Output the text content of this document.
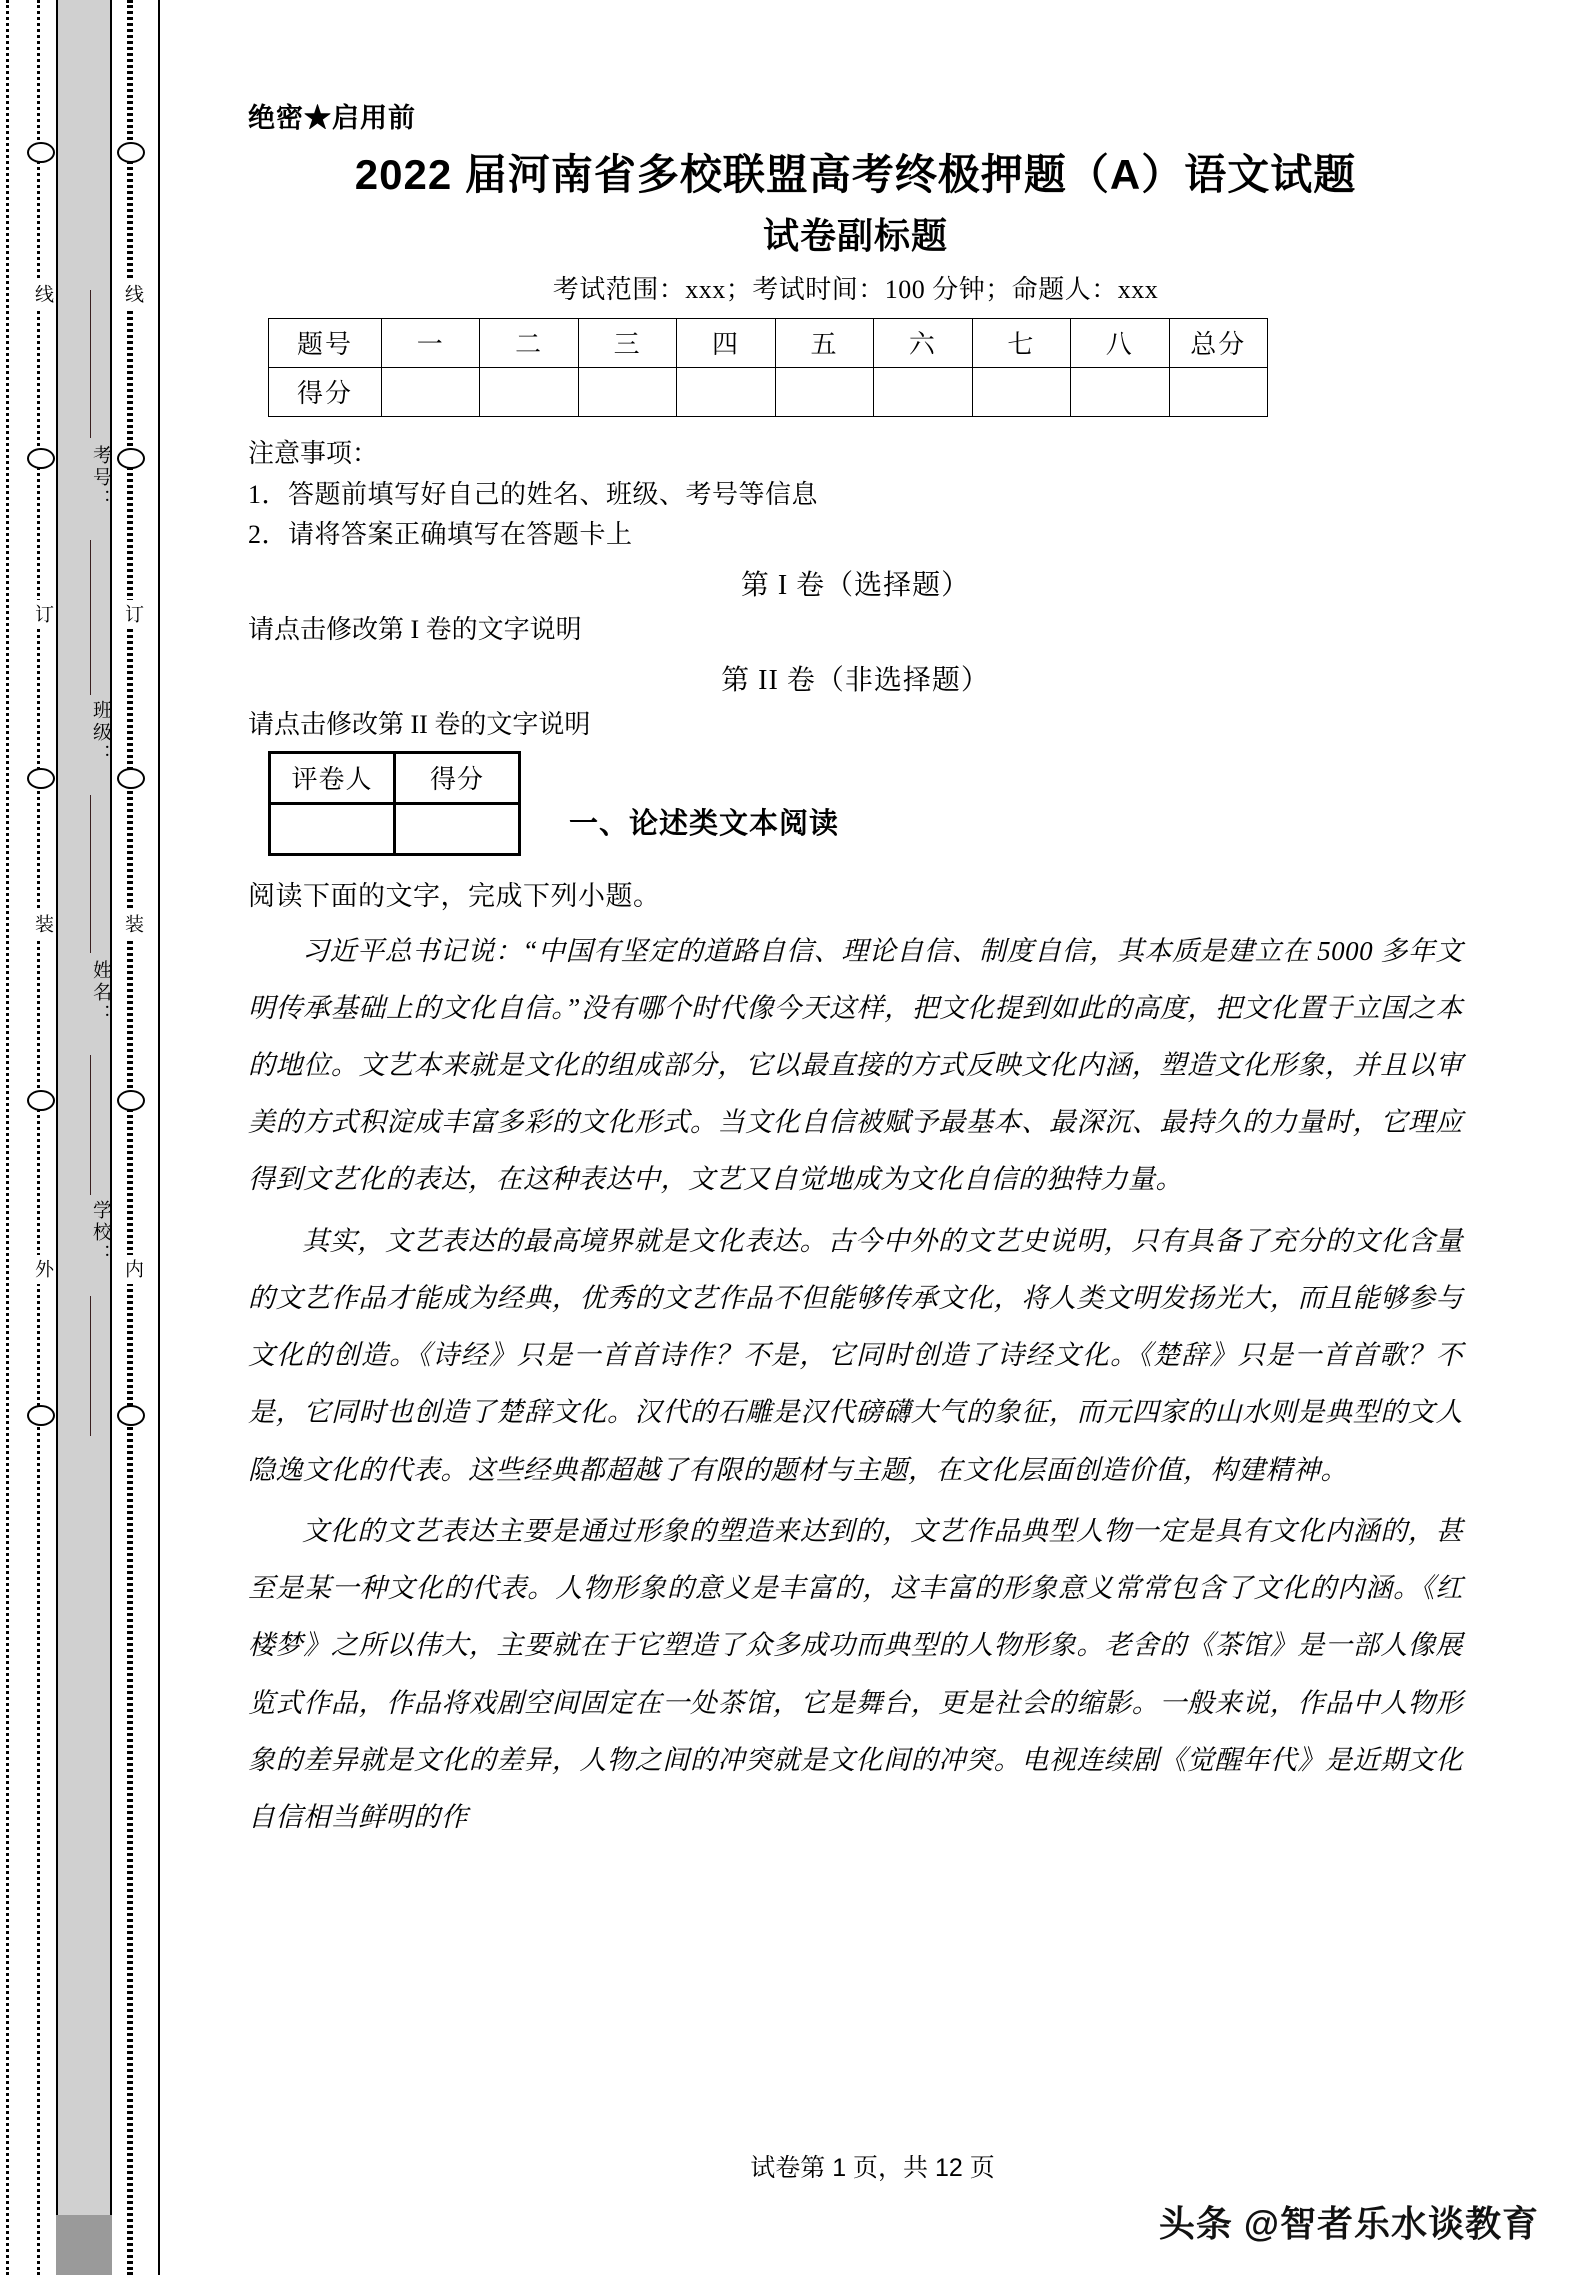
线
订
装
外
考号：
班级：
姓名：
学校：
线
订
装
内
绝密★启用前
2022 届河南省多校联盟高考终极押题（A）语文试题
试卷副标题
考试范围：xxx；考试时间：100 分钟；命题人：xxx
题号	一	二	三	四	五	六	七	八	总分
得分									
注意事项：
1．答题前填写好自己的姓名、班级、考号等信息
2．请将答案正确填写在答题卡上
第 I 卷（选择题）
请点击修改第 I 卷的文字说明
第 II 卷（非选择题）
请点击修改第 II 卷的文字说明
评卷人	得分

一、论述类文本阅读
阅读下面的文字，完成下列小题。

习近平总书记说：“中国有坚定的道路自信、理论自信、制度自信，其本质是建立在 5000 多年文明传承基础上的文化自信。”没有哪个时代像今天这样，把文化提到如此的高度，把文化置于立国之本的地位。文艺本来就是文化的组成部分，它以最直接的方式反映文化内涵，塑造文化形象，并且以审美的方式积淀成丰富多彩的文化形式。当文化自信被赋予最基本、最深沉、最持久的力量时，它理应得到文艺化的表达，在这种表达中，文艺又自觉地成为文化自信的独特力量。

其实，文艺表达的最高境界就是文化表达。古今中外的文艺史说明，只有具备了充分的文化含量的文艺作品才能成为经典，优秀的文艺作品不但能够传承文化，将人类文明发扬光大，而且能够参与文化的创造。《诗经》只是一首首诗作？不是，它同时创造了诗经文化。《楚辞》只是一首首歌？不是，它同时也创造了楚辞文化。汉代的石雕是汉代磅礴大气的象征，而元四家的山水则是典型的文人隐逸文化的代表。这些经典都超越了有限的题材与主题，在文化层面创造价值，构建精神。

文化的文艺表达主要是通过形象的塑造来达到的，文艺作品典型人物一定是具有文化内涵的，甚至是某一种文化的代表。人物形象的意义是丰富的，这丰富的形象意义常常包含了文化的内涵。《红楼梦》之所以伟大，主要就在于它塑造了众多成功而典型的人物形象。老舍的《茶馆》是一部人像展览式作品，作品将戏剧空间固定在一处茶馆，它是舞台，更是社会的缩影。一般来说，作品中人物形象的差异就是文化的差异，人物之间的冲突就是文化间的冲突。电视连续剧《觉醒年代》是近期文化自信相当鲜明的作

试卷第 1 页，共 12 页
头条 @智者乐水谈教育
